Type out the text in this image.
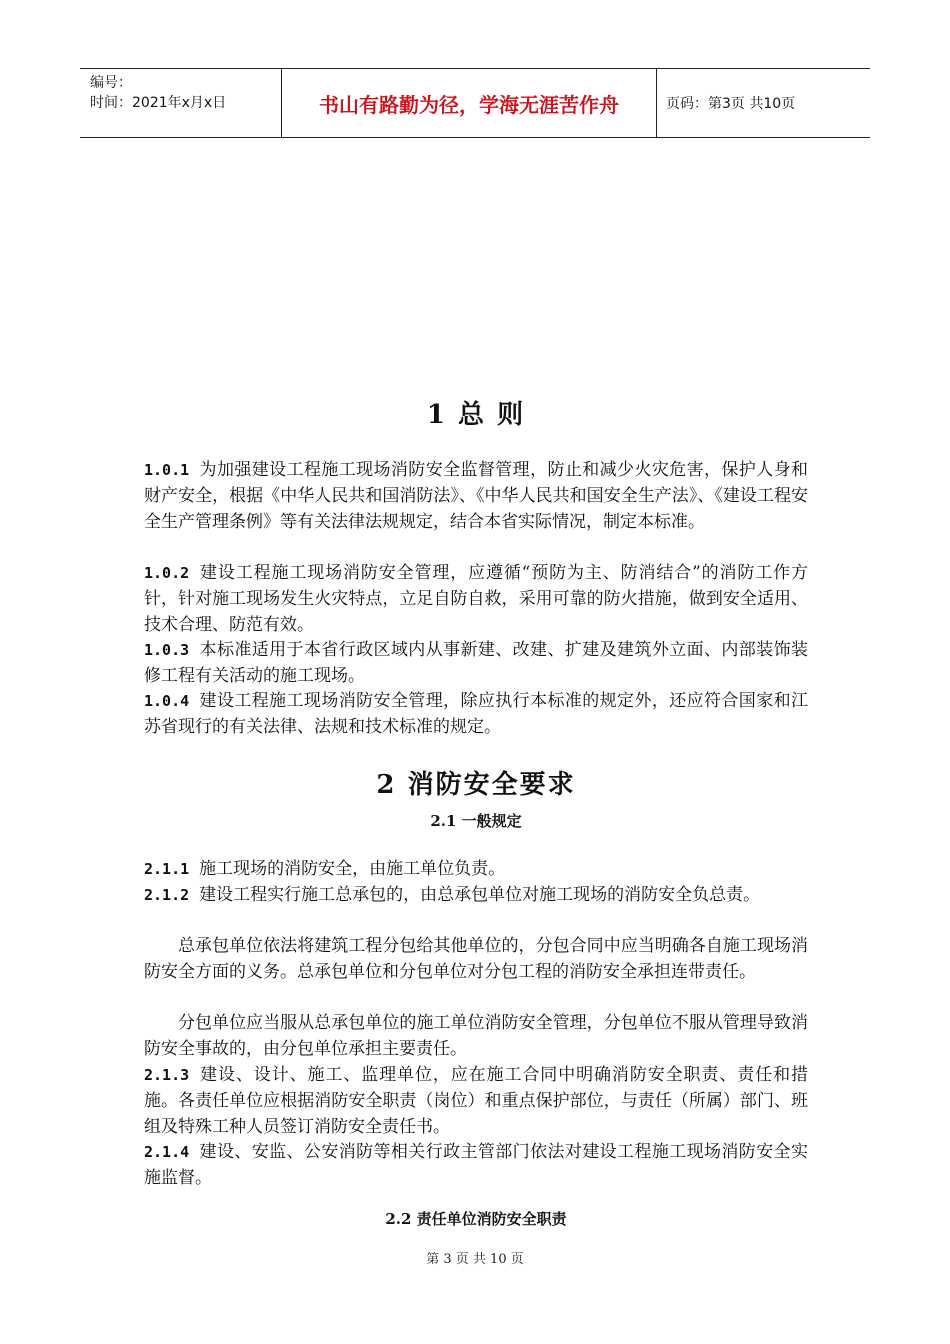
编号：
时间：2021年x月x日	书山有路勤为径，学海无涯苦作舟	页码：第3页 共10页
1 总 则
1.0.1 为加强建设工程施工现场消防安全监督管理，防止和减少火灾危害，保护人身和财产安全，根据《中华人民共和国消防法》、《中华人民共和国安全生产法》、《建设工程安全生产管理条例》等有关法律法规规定，结合本省实际情况，制定本标准。
1.0.2 建设工程施工现场消防安全管理，应遵循“预防为主、防消结合”的消防工作方针，针对施工现场发生火灾特点，立足自防自救，采用可靠的防火措施，做到安全适用、技术合理、防范有效。
1.0.3 本标准适用于本省行政区域内从事新建、改建、扩建及建筑外立面、内部装饰装修工程有关活动的施工现场。
1.0.4 建设工程施工现场消防安全管理，除应执行本标准的规定外，还应符合国家和江苏省现行的有关法律、法规和技术标准的规定。
2 消防安全要求
2.1 一般规定
2.1.1 施工现场的消防安全，由施工单位负责。
2.1.2 建设工程实行施工总承包的，由总承包单位对施工现场的消防安全负总责。
总承包单位依法将建筑工程分包给其他单位的，分包合同中应当明确各自施工现场消防安全方面的义务。总承包单位和分包单位对分包工程的消防安全承担连带责任。
分包单位应当服从总承包单位的施工单位消防安全管理，分包单位不服从管理导致消防安全事故的，由分包单位承担主要责任。
2.1.3 建设、设计、施工、监理单位，应在施工合同中明确消防安全职责、责任和措施。各责任单位应根据消防安全职责（岗位）和重点保护部位，与责任（所属）部门、班组及特殊工种人员签订消防安全责任书。
2.1.4 建设、安监、公安消防等相关行政主管部门依法对建设工程施工现场消防安全实施监督。
2.2 责任单位消防安全职责
第 3 页 共 10 页
